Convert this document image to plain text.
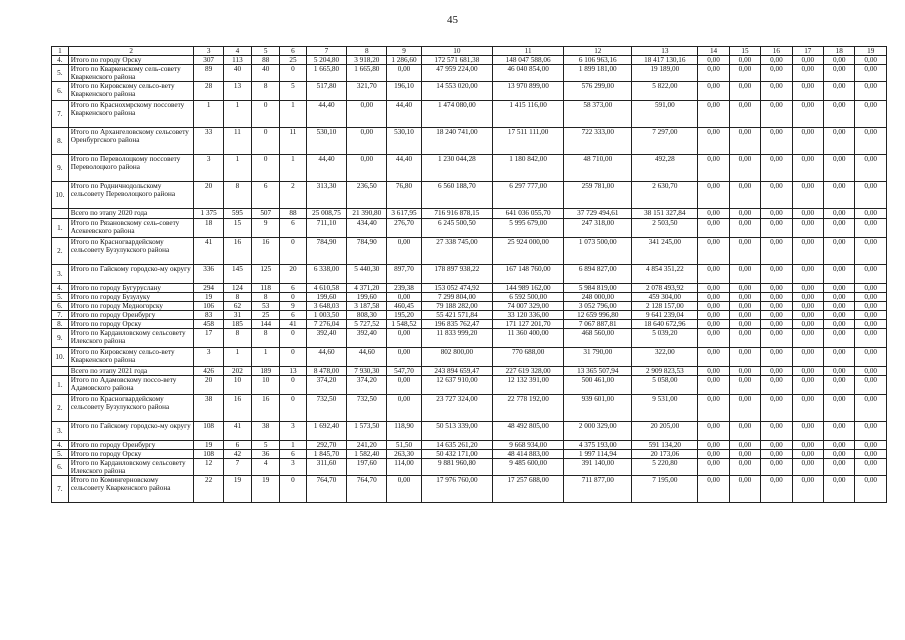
45
1	2	3	4	5	6	7	8	9	10	11	12	13	14	15	16	17	18	19
4.	Итого по городу Орску	307	113	88	25	5 204,80	3 918,20	1 286,60	172 571 681,38	148 047 588,06	6 106 963,16	18 417 130,16	0,00	0,00	0,00	0,00	0,00	0,00
5.	Итого по Кваркенскому сель-советy Кваркенского района	89	40	40	0	1 665,80	1 665,80	0,00	47 959 224,00	46 040 854,00	1 899 181,00	19 189,00	0,00	0,00	0,00	0,00	0,00	0,00
6.	Итого по Кировскому сельсо-вету Кваркенского района	28	13	8	5	517,80	321,70	196,10	14 553 020,00	13 970 899,00	576 299,00	5 822,00	0,00	0,00	0,00	0,00	0,00	0,00
7.	Итого по Краснохмрскому поссовету Кваркенского района	1	1	0	1	44,40	0,00	44,40	1 474 080,00	1 415 116,00	58 373,00	591,00	0,00	0,00	0,00	0,00	0,00	0,00
8.	Итого по Архангеловскому сельсовету Оренбургского района	33	11	0	11	530,10	0,00	530,10	18 240 741,00	17 511 111,00	722 333,00	7 297,00	0,00	0,00	0,00	0,00	0,00	0,00
9.	Итого по Переволоцкому поссовету Переволоцкого района	3	1	0	1	44,40	0,00	44,40	1 230 044,28	1 180 842,00	48 710,00	492,28	0,00	0,00	0,00	0,00	0,00	0,00
10.	Итого по Родничнодольскому сельсовету Переволоцкого района	20	8	6	2	313,30	236,50	76,80	6 560 188,70	6 297 777,00	259 781,00	2 630,70	0,00	0,00	0,00	0,00	0,00	0,00
	Всего по этапу 2020 года	1 375	595	507	88	25 008,75	21 390,80	3 617,95	716 916 878,15	641 036 055,70	37 729 494,61	38 151 327,84	0,00	0,00	0,00	0,00	0,00	0,00
1.	Итого по Рязановскому сель-совету Асекеевского района	18	15	9	6	711,10	434,40	276,70	6 245 500,50	5 995 679,00	247 318,00	2 503,50	0,00	0,00	0,00	0,00	0,00	0,00
2.	Итого по Красногвардейскому сельсовету Бузулукского района	41	16	16	0	784,90	784,90	0,00	27 338 745,00	25 924 000,00	1 073 500,00	341 245,00	0,00	0,00	0,00	0,00	0,00	0,00
3.	Итого по Гайскому городско-му округу	336	145	125	20	6 338,00	5 440,30	897,70	178 897 938,22	167 148 760,00	6 894 827,00	4 854 351,22	0,00	0,00	0,00	0,00	0,00	0,00
4.	Итого по городу Бугуруслану	294	124	118	6	4 610,58	4 371,20	239,38	153 052 474,92	144 989 162,00	5 984 819,00	2 078 493,92	0,00	0,00	0,00	0,00	0,00	0,00
5.	Итого по городу Бузулуку	19	8	8	0	199,60	199,60	0,00	7 299 804,00	6 592 500,00	248 000,00	459 304,00	0,00	0,00	0,00	0,00	0,00	0,00
6.	Итого по городу Медногорску	106	62	53	9	3 648,03	3 187,58	460,45	79 188 282,00	74 007 329,00	3 052 796,00	2 128 157,00	0,00	0,00	0,00	0,00	0,00	0,00
7.	Итого по городу Оренбургу	83	31	25	6	1 003,50	808,30	195,20	55 421 571,84	33 120 336,00	12 659 996,80	9 641 239,04	0,00	0,00	0,00	0,00	0,00	0,00
8.	Итого по городу Орску	458	185	144	41	7 276,04	5 727,52	1 548,52	196 835 762,47	171 127 201,70	7 067 887,81	18 640 672,96	0,00	0,00	0,00	0,00	0,00	0,00
9.	Итого по Кардаиловскому сельсовету Илекского района	17	8	8	0	392,40	392,40	0,00	11 833 999,20	11 360 400,00	468 560,00	5 039,20	0,00	0,00	0,00	0,00	0,00	0,00
10.	Итого по Кировскому сельсо-вету Кваркенского района	3	1	1	0	44,60	44,60	0,00	802 800,00	770 688,00	31 790,00	322,00	0,00	0,00	0,00	0,00	0,00	0,00
	Всего по этапу 2021 года	426	202	189	13	8 478,00	7 930,30	547,70	243 894 659,47	227 619 328,00	13 365 507,94	2 909 823,53	0,00	0,00	0,00	0,00	0,00	0,00
1.	Итого по Адамовскому поссо-вету Адамовского района	20	10	10	0	374,20	374,20	0,00	12 637 910,00	12 132 391,00	500 461,00	5 058,00	0,00	0,00	0,00	0,00	0,00	0,00
2.	Итого по Красногвардейскому сельсовету Бузулукского района	38	16	16	0	732,50	732,50	0,00	23 727 324,00	22 778 192,00	939 601,00	9 531,00	0,00	0,00	0,00	0,00	0,00	0,00
3.	Итого по Гайскому городско-му округу	108	41	38	3	1 692,40	1 573,50	118,90	50 513 339,00	48 492 805,00	2 000 329,00	20 205,00	0,00	0,00	0,00	0,00	0,00	0,00
4.	Итого по городу Оренбургу	19	6	5	1	292,70	241,20	51,50	14 635 261,20	9 668 934,00	4 375 193,00	591 134,20	0,00	0,00	0,00	0,00	0,00	0,00
5.	Итого по городу Орску	108	42	36	6	1 845,70	1 582,40	263,30	50 432 171,00	48 414 883,00	1 997 114,94	20 173,06	0,00	0,00	0,00	0,00	0,00	0,00
6.	Итого по Кардаиловскому сельсовету Илекского района	12	7	4	3	311,60	197,60	114,00	9 881 960,80	9 485 600,00	391 140,00	5 220,80	0,00	0,00	0,00	0,00	0,00	0,00
7.	Итого по Комингерновскому сельсовету Кваркенского района	22	19	19	0	764,70	764,70	0,00	17 976 760,00	17 257 688,00	711 877,00	7 195,00	0,00	0,00	0,00	0,00	0,00	0,00
